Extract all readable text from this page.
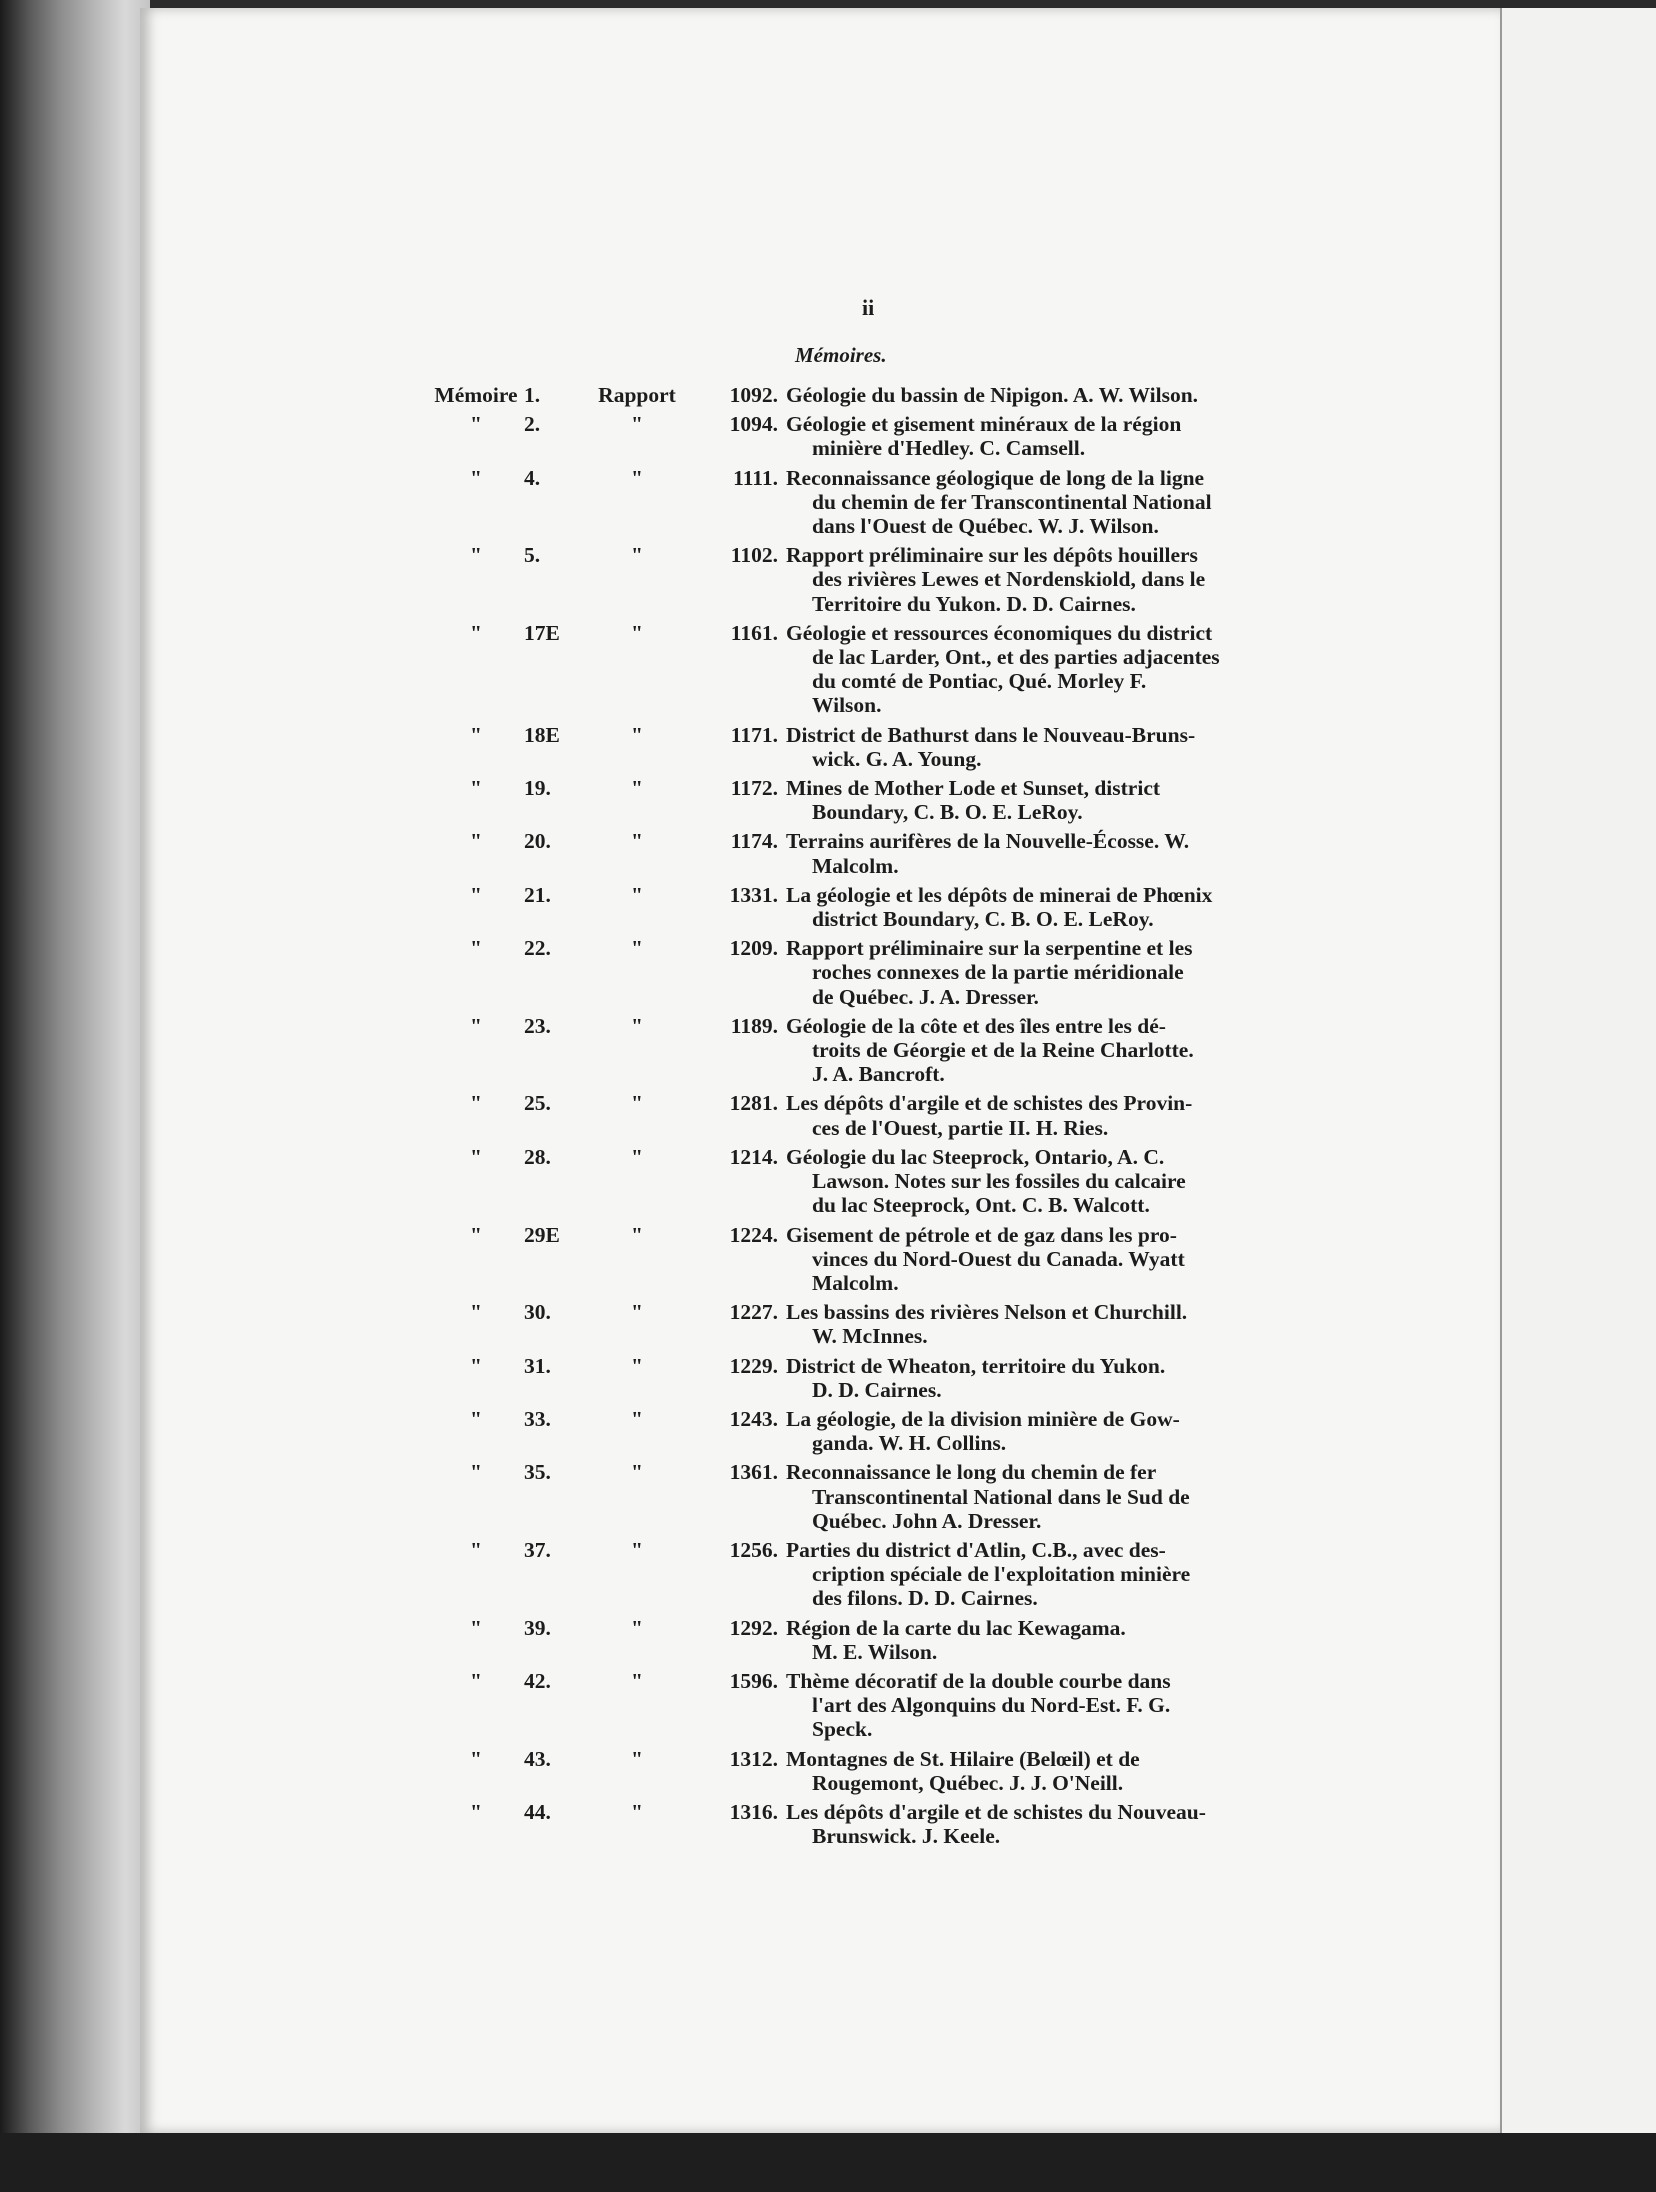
ii
Mémoires.
Mémoire 1.	Rapport	1092. Géologie du bassin de Nipigon. A. W. Wilson.
"	2.	"	1094. Géologie et gisement minéraux de la région
minière d'Hedley. C. Camsell.
"	4.	"	1111. Reconnaissance géologique de long de la ligne
du chemin de fer Transcontinental National
dans l'Ouest de Québec. W. J. Wilson.
"	5.	"	1102. Rapport préliminaire sur les dépôts houillers
des rivières Lewes et Nordenskiold, dans le
Territoire du Yukon. D. D. Cairnes.
"	17E	"	1161. Géologie et ressources économiques du district
de lac Larder, Ont., et des parties adjacentes
du comté de Pontiac, Qué. Morley F.
Wilson.
"	18E	"	1171. District de Bathurst dans le Nouveau-Bruns-
wick. G. A. Young.
"	19.	"	1172. Mines de Mother Lode et Sunset, district
Boundary, C. B. O. E. LeRoy.
"	20.	"	1174. Terrains aurifères de la Nouvelle-Écosse. W.
Malcolm.
"	21.	"	1331. La géologie et les dépôts de minerai de Phœnix
district Boundary, C. B. O. E. LeRoy.
"	22.	"	1209. Rapport préliminaire sur la serpentine et les
roches connexes de la partie méridionale
de Québec. J. A. Dresser.
"	23.	"	1189. Géologie de la côte et des îles entre les dé-
troits de Géorgie et de la Reine Charlotte.
J. A. Bancroft.
"	25.	"	1281. Les dépôts d'argile et de schistes des Provin-
ces de l'Ouest, partie II. H. Ries.
"	28.	"	1214. Géologie du lac Steeprock, Ontario, A. C.
Lawson. Notes sur les fossiles du calcaire
du lac Steeprock, Ont. C. B. Walcott.
"	29E	"	1224. Gisement de pétrole et de gaz dans les pro-
vinces du Nord-Ouest du Canada. Wyatt
Malcolm.
"	30.	"	1227. Les bassins des rivières Nelson et Churchill.
W. McInnes.
"	31.	"	1229. District de Wheaton, territoire du Yukon.
D. D. Cairnes.
"	33.	"	1243. La géologie, de la division minière de Gow-
ganda. W. H. Collins.
"	35.	"	1361. Reconnaissance le long du chemin de fer
Transcontinental National dans le Sud de
Québec. John A. Dresser.
"	37.	"	1256. Parties du district d'Atlin, C.B., avec des-
cription spéciale de l'exploitation minière
des filons. D. D. Cairnes.
"	39.	"	1292. Région de la carte du lac Kewagama.
M. E. Wilson.
"	42.	"	1596. Thème décoratif de la double courbe dans
l'art des Algonquins du Nord-Est. F. G.
Speck.
"	43.	"	1312. Montagnes de St. Hilaire (Belœil) et de
Rougemont, Québec. J. J. O'Neill.
"	44.	"	1316. Les dépôts d'argile et de schistes du Nouveau-
Brunswick. J. Keele.
